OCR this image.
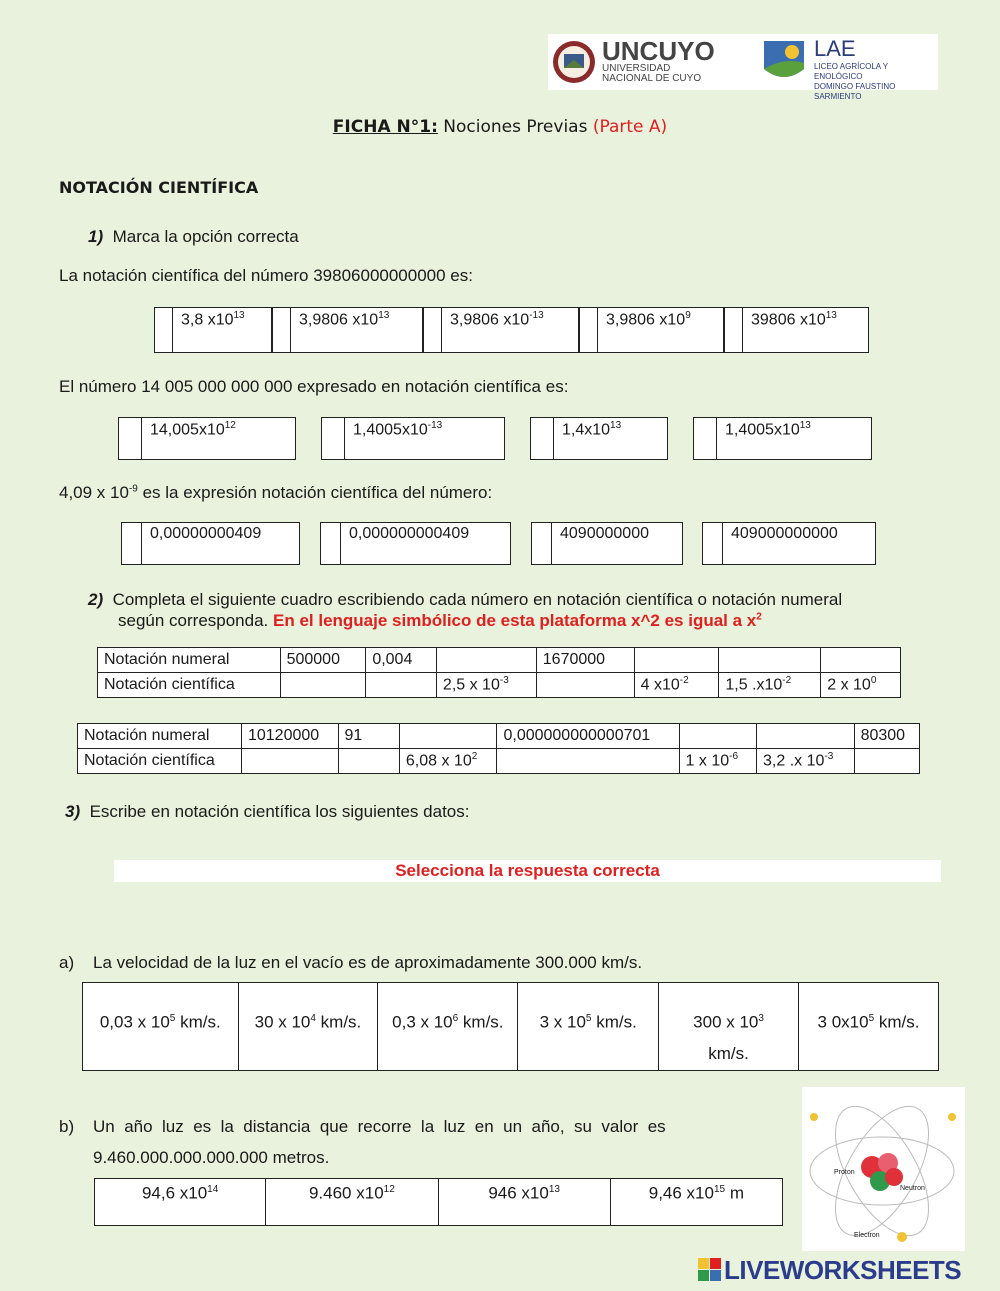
UNCUYO
UNIVERSIDAD
NACIONAL DE CUYO
LAE
LICEO AGRÍCOLA Y ENOLÓGICO
DOMINGO FAUSTINO SARMIENTO
FICHA N°1: Nociones Previas (Parte A)
NOTACIÓN CIENTÍFICA
1) Marca la opción correcta
La notación científica del número 39806000000000 es:
3,8 $x10^{13}$	3,9806 $x10^{13}$	3,9806 $x10^{-13}$	3,9806 $x10^9$	39806 $x10^{13}$
El número 14 005 000 000 000 expresado en notación científica es:
$14,005x10^{12}$	$1,4005x10^{-13}$	$1,4x10^{13}$	$1,4005x10^{13}$
4,09 x $10^{-9}$ es la expresión notación científica del número:
0,00000000409	0,000000000409	4090000000	409000000000
2) Completa el siguiente cuadro escribiendo cada número en notación científica o notación numeral
según corresponda. En el lenguaje simbólico de esta plataforma x^2 es igual a $x^2$
Notación numeral	500000	0,004		1670000			
Notación científica			2,5 x $10^{-3}$		4 $x10^{-2}$	1,5 $.x10^{-2}$	2 x $10^0$
Notación numeral	10120000	91		0,000000000000701			80300
Notación científica			6,08 x $10^2$		1 x $10^{-6}$	3,2 .x $10^{-3}$	
3) Escribe en notación científica los siguientes datos:
Selecciona la respuesta correcta
a) La velocidad de la luz en el vacío es de aproximadamente 300.000 km/s.
0,03 x $10^5$ km/s.	30 x $10^4$ km/s.	0,3 x $10^6$ km/s.	3 x $10^5$ km/s.	300 x $10^3$
km/s.	3 $0x10^5$ km/s.
b) Un  año  luz  es  la  distancia  que  recorre  la  luz  en  un  año,  su  valor  es
9.460.000.000.000.000 metros.
94,6 $x10^{14}$	9.460 $x10^{12}$	946 $x10^{13}$	9,46 $x10^{15}$ m
Proton
Neutron
Electron
LIVEWORKSHEETS
